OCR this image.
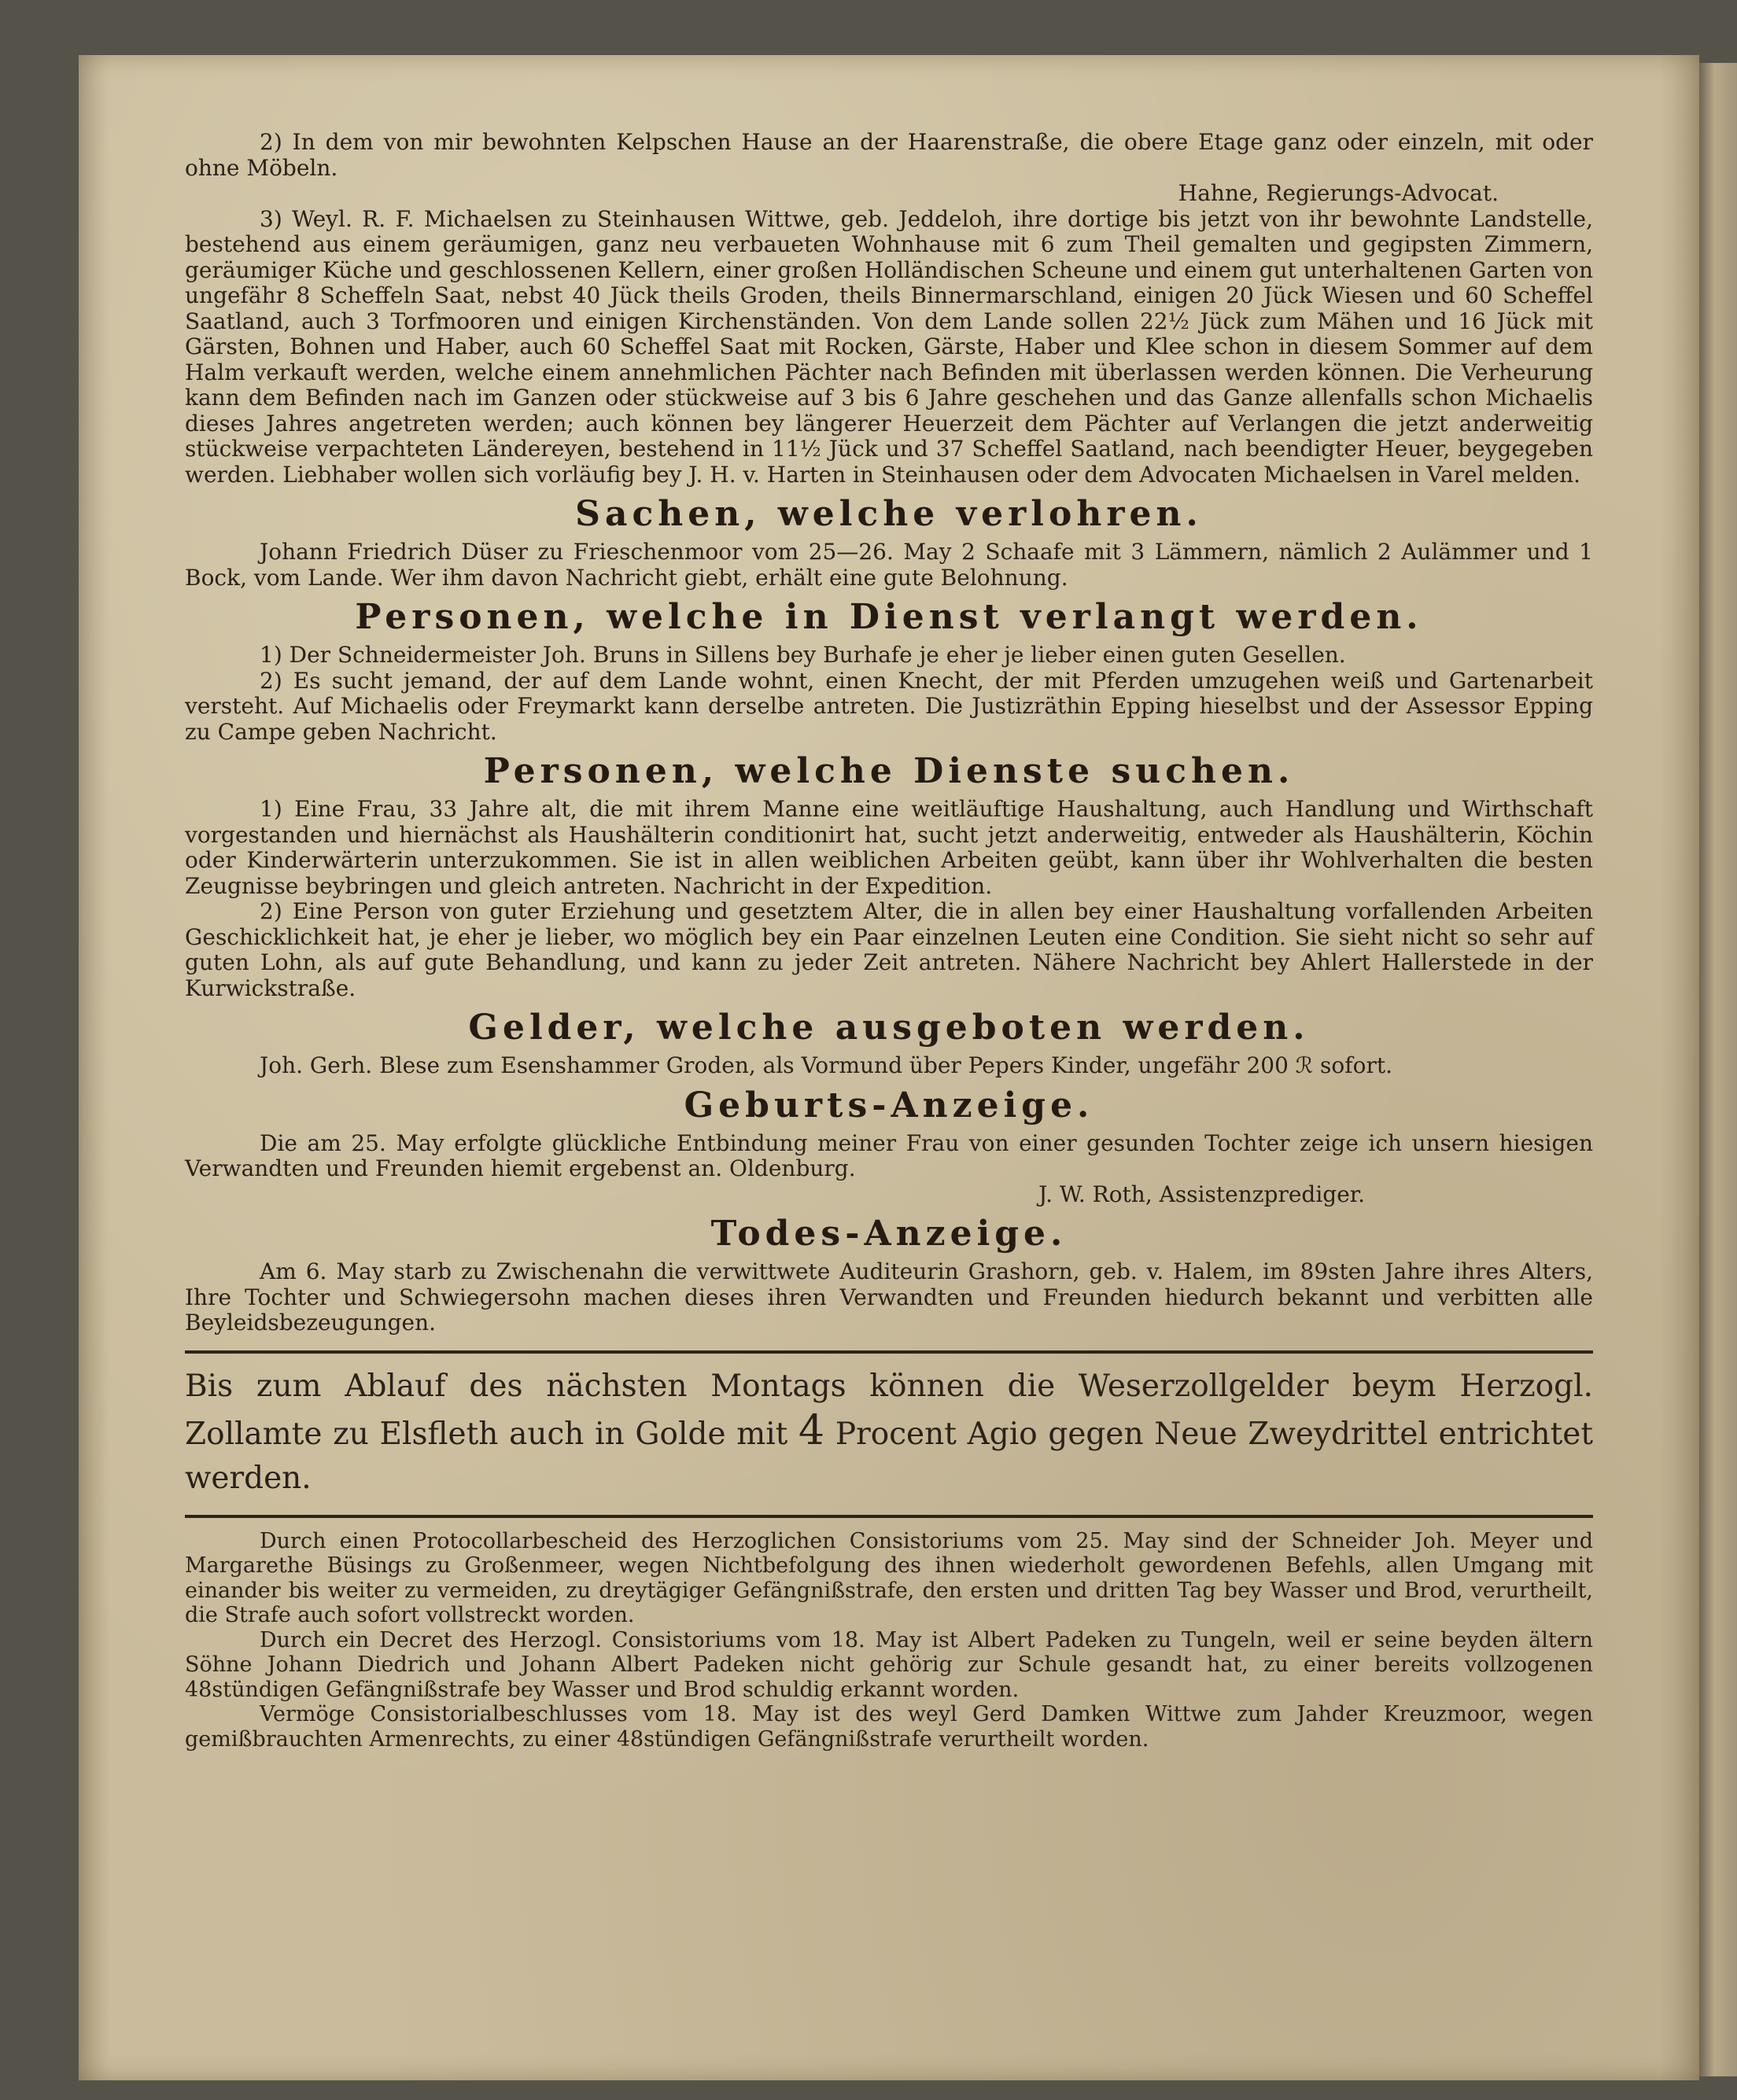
2) In dem von mir bewohnten Kelpschen Hause an der Haarenstraße, die obere Etage ganz oder einzeln, mit oder ohne Möbeln.

Hahne, Regierungs-Advocat.

3) Weyl. R. F. Michaelsen zu Steinhausen Wittwe, geb. Jeddeloh, ihre dortige bis jetzt von ihr bewohnte Landstelle, bestehend aus einem geräumigen, ganz neu verbaueten Wohnhause mit 6 zum Theil gemalten und gegipsten Zimmern, geräumiger Küche und geschlossenen Kellern, einer großen Holländischen Scheune und einem gut unterhaltenen Garten von ungefähr 8 Scheffeln Saat, nebst 40 Jück theils Groden, theils Binnermarschland, einigen 20 Jück Wiesen und 60 Scheffel Saatland, auch 3 Torfmooren und einigen Kirchenständen. Von dem Lande sollen 22½ Jück zum Mähen und 16 Jück mit Gärsten, Bohnen und Haber, auch 60 Scheffel Saat mit Rocken, Gärste, Haber und Klee schon in diesem Sommer auf dem Halm verkauft werden, welche einem annehmlichen Pächter nach Befinden mit überlassen werden können. Die Verheurung kann dem Befinden nach im Ganzen oder stückweise auf 3 bis 6 Jahre geschehen und das Ganze allenfalls schon Michaelis dieses Jahres angetreten werden; auch können bey längerer Heuerzeit dem Pächter auf Verlangen die jetzt anderweitig stückweise verpachteten Ländereyen, bestehend in 11½ Jück und 37 Scheffel Saatland, nach beendigter Heuer, beygegeben werden. Liebhaber wollen sich vorläufig bey J. H. v. Harten in Steinhausen oder dem Advocaten Michaelsen in Varel melden.

Sachen, welche verlohren.

Johann Friedrich Düser zu Frieschenmoor vom 25—26. May 2 Schaafe mit 3 Lämmern, nämlich 2 Aulämmer und 1 Bock, vom Lande. Wer ihm davon Nachricht giebt, erhält eine gute Belohnung.

Personen, welche in Dienst verlangt werden.

1) Der Schneidermeister Joh. Bruns in Sillens bey Burhafe je eher je lieber einen guten Gesellen.

2) Es sucht jemand, der auf dem Lande wohnt, einen Knecht, der mit Pferden umzugehen weiß und Gartenarbeit versteht. Auf Michaelis oder Freymarkt kann derselbe antreten. Die Justizräthin Epping hieselbst und der Assessor Epping zu Campe geben Nachricht.

Personen, welche Dienste suchen.

1) Eine Frau, 33 Jahre alt, die mit ihrem Manne eine weitläuftige Haushaltung, auch Handlung und Wirthschaft vorgestanden und hiernächst als Haushälterin conditionirt hat, sucht jetzt anderweitig, entweder als Haushälterin, Köchin oder Kinderwärterin unterzukommen. Sie ist in allen weiblichen Arbeiten geübt, kann über ihr Wohlverhalten die besten Zeugnisse beybringen und gleich antreten. Nachricht in der Expedition.

2) Eine Person von guter Erziehung und gesetztem Alter, die in allen bey einer Haushaltung vorfallenden Arbeiten Geschicklichkeit hat, je eher je lieber, wo möglich bey ein Paar einzelnen Leuten eine Condition. Sie sieht nicht so sehr auf guten Lohn, als auf gute Behandlung, und kann zu jeder Zeit antreten. Nähere Nachricht bey Ahlert Hallerstede in der Kurwickstraße.

Gelder, welche ausgeboten werden.

Joh. Gerh. Blese zum Esenshammer Groden, als Vormund über Pepers Kinder, ungefähr 200 ℛ sofort.

Geburts-Anzeige.

Die am 25. May erfolgte glückliche Entbindung meiner Frau von einer gesunden Tochter zeige ich unsern hiesigen Verwandten und Freunden hiemit ergebenst an. Oldenburg.

J. W. Roth, Assistenzprediger.
Todes-Anzeige.

Am 6. May starb zu Zwischenahn die verwittwete Auditeurin Grashorn, geb. v. Halem, im 89sten Jahre ihres Alters, Ihre Tochter und Schwiegersohn machen dieses ihren Verwandten und Freunden hiedurch bekannt und verbitten alle Beyleidsbezeugungen.

Bis zum Ablauf des nächsten Montags können die Weserzollgelder beym Herzogl. Zollamte zu Elsfleth auch in Golde mit 4 Procent Agio gegen Neue Zweydrittel entrichtet werden.

Durch einen Protocollarbescheid des Herzoglichen Consistoriums vom 25. May sind der Schneider Joh. Meyer und Margarethe Büsings zu Großenmeer, wegen Nichtbefolgung des ihnen wiederholt gewordenen Befehls, allen Umgang mit einander bis weiter zu vermeiden, zu dreytägiger Gefängnißstrafe, den ersten und dritten Tag bey Wasser und Brod, verurtheilt, die Strafe auch sofort vollstreckt worden.

Durch ein Decret des Herzogl. Consistoriums vom 18. May ist Albert Padeken zu Tungeln, weil er seine beyden ältern Söhne Johann Diedrich und Johann Albert Padeken nicht gehörig zur Schule gesandt hat, zu einer bereits vollzogenen 48stündigen Gefängnißstrafe bey Wasser und Brod schuldig erkannt worden.

Vermöge Consistorialbeschlusses vom 18. May ist des weyl Gerd Damken Wittwe zum Jahder Kreuzmoor, wegen gemißbrauchten Armenrechts, zu einer 48stündigen Gefängnißstrafe verurtheilt worden.
